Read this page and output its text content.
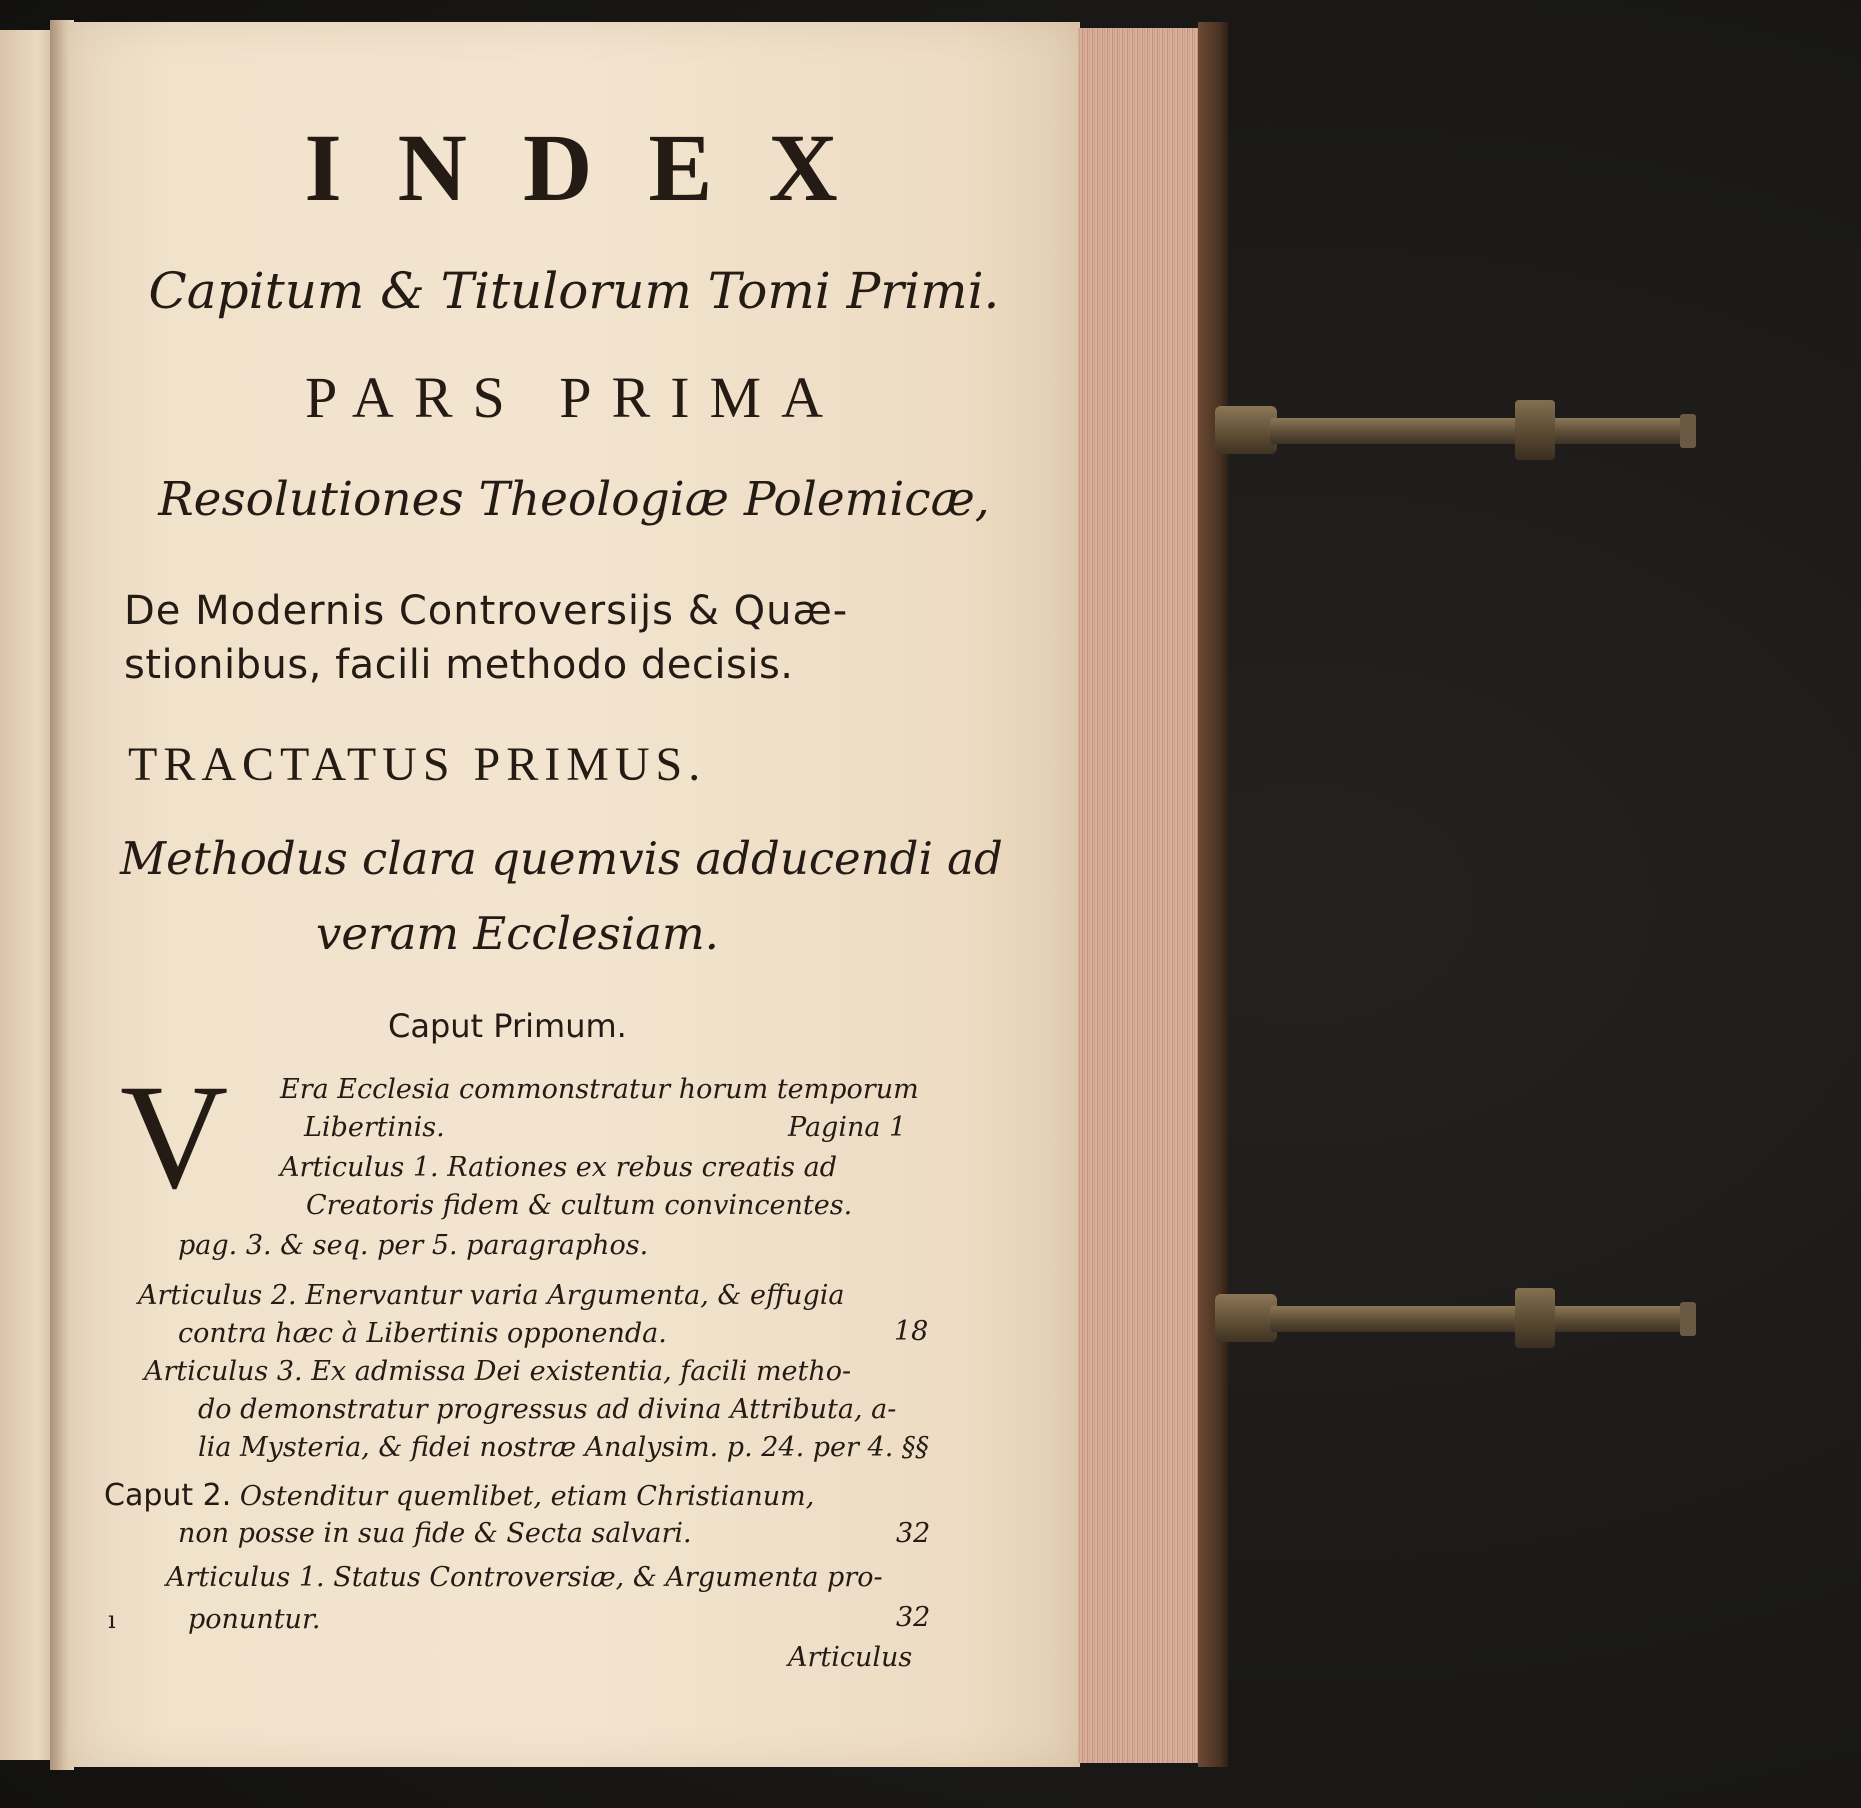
INDEX

Capitum & Titulorum Tomi Primi.

PARS PRIMA

Resolutiones Theologiæ Polemicæ,

De Modernis Controversijs & Quæ-

stionibus, facili methodo decisis.

TRACTATUS PRIMUS.

Methodus clara quemvis adducendi ad

veram Ecclesiam.

Caput Primum.

V Era Ecclesia commonstratur horum temporum

Libertinis.	Pagina 1

Articulus 1. Rationes ex rebus creatis ad

Creatoris fidem & cultum convincentes.

pag. 3. & seq. per 5. paragraphos.

Articulus 2. Enervantur varia Argumenta, & effugia

contra hæc à Libertinis opponenda.	18

Articulus 3. Ex admissa Dei existentia, facili metho-

do demonstratur progressus ad divina Attributa, a-

lia Mysteria, & fidei nostræ Analysim. p. 24. per 4. §§

Caput 2. Ostenditur quemlibet, etiam Christianum,

non posse in sua fide & Secta salvari.	32

Articulus 1. Status Controversiæ, & Argumenta pro-

ponuntur.	32

Articulus

ı
